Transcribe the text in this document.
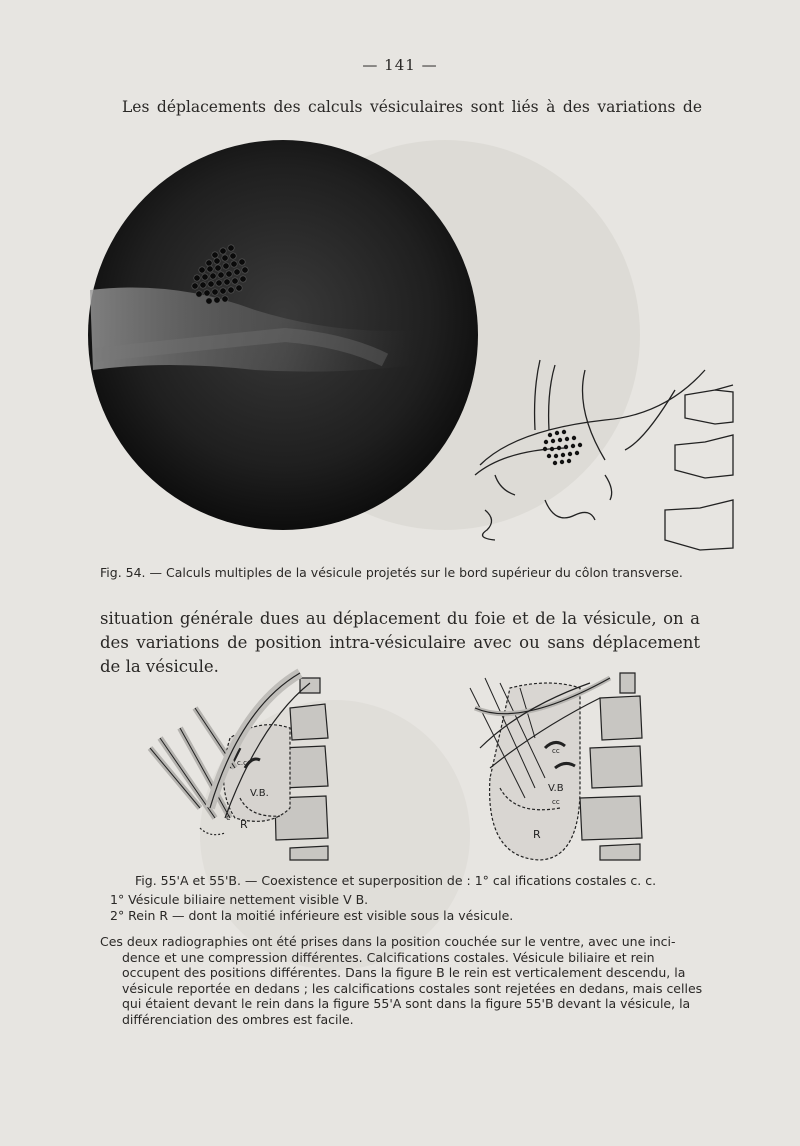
— 141 —
Les déplacements des calculs vésiculaires sont liés à des variations de
Fig. 54. — Calculs multiples de la vésicule projetés sur le bord supérieur du côlon transverse.
situation générale dues au déplacement du foie et de la vésicule, on a des variations de position intra-vésiculaire avec ou sans déplacement de la vésicule.
c.c.
V.B.
c
R
cc
V.B
cc
R
Fig. 55'A et 55'B. — Coexistence et superposition de : 1° cal ifications costales c. c.
1° Vésicule biliaire nettement visible V B.
2° Rein R — dont la moitié inférieure est visible sous la vésicule.
Ces deux radiographies ont été prises dans la position couchée sur le ventre, avec une inci-
dence et une compression différentes. Calcifications costales. Vésicule biliaire et rein
occupent des positions différentes. Dans la figure B le rein est verticalement descendu, la
vésicule reportée en dedans ; les calcifications costales sont rejetées en dedans, mais celles
qui étaient devant le rein dans la figure 55'A sont dans la figure 55'B devant la vésicule, la
différenciation des ombres est facile.
